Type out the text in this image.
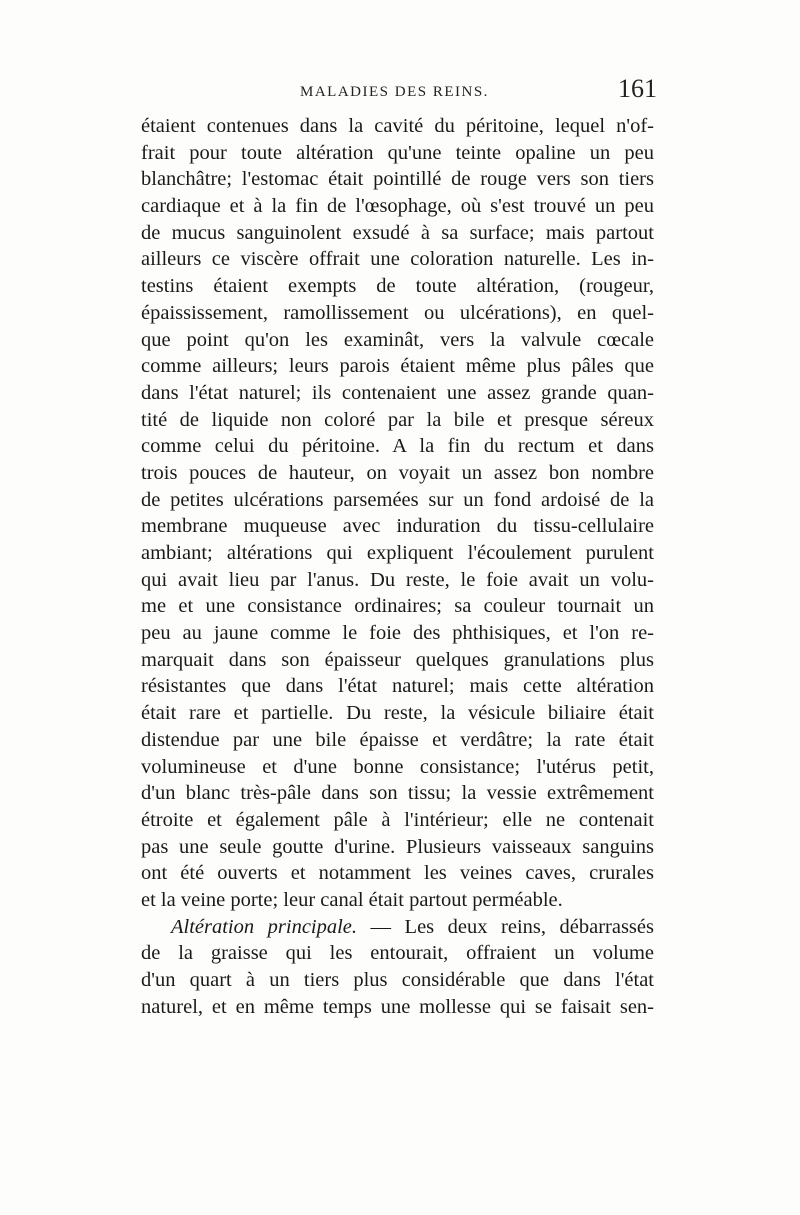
MALADIES DES REINS.	161
étaient contenues dans la cavité du péritoine, lequel n'of-
frait pour toute altération qu'une teinte opaline un peu
blanchâtre; l'estomac était pointillé de rouge vers son tiers
cardiaque et à la fin de l'œsophage, où s'est trouvé un peu
de mucus sanguinolent exsudé à sa surface; mais partout
ailleurs ce viscère offrait une coloration naturelle. Les in-
testins étaient exempts de toute altération, (rougeur,
épaississement, ramollissement ou ulcérations), en quel-
que point qu'on les examinât, vers la valvule cœcale
comme ailleurs; leurs parois étaient même plus pâles que
dans l'état naturel; ils contenaient une assez grande quan-
tité de liquide non coloré par la bile et presque séreux
comme celui du péritoine. A la fin du rectum et dans
trois pouces de hauteur, on voyait un assez bon nombre
de petites ulcérations parsemées sur un fond ardoisé de la
membrane muqueuse avec induration du tissu-cellulaire
ambiant; altérations qui expliquent l'écoulement purulent
qui avait lieu par l'anus. Du reste, le foie avait un volu-
me et une consistance ordinaires; sa couleur tournait un
peu au jaune comme le foie des phthisiques, et l'on re-
marquait dans son épaisseur quelques granulations plus
résistantes que dans l'état naturel; mais cette altération
était rare et partielle. Du reste, la vésicule biliaire était
distendue par une bile épaisse et verdâtre; la rate était
volumineuse et d'une bonne consistance; l'utérus petit,
d'un blanc très-pâle dans son tissu; la vessie extrêmement
étroite et également pâle à l'intérieur; elle ne contenait
pas une seule goutte d'urine. Plusieurs vaisseaux sanguins
ont été ouverts et notamment les veines caves, crurales
et la veine porte; leur canal était partout perméable.
Altération principale. — Les deux reins, débarrassés
de la graisse qui les entourait, offraient un volume
d'un quart à un tiers plus considérable que dans l'état
naturel, et en même temps une mollesse qui se faisait sen-
